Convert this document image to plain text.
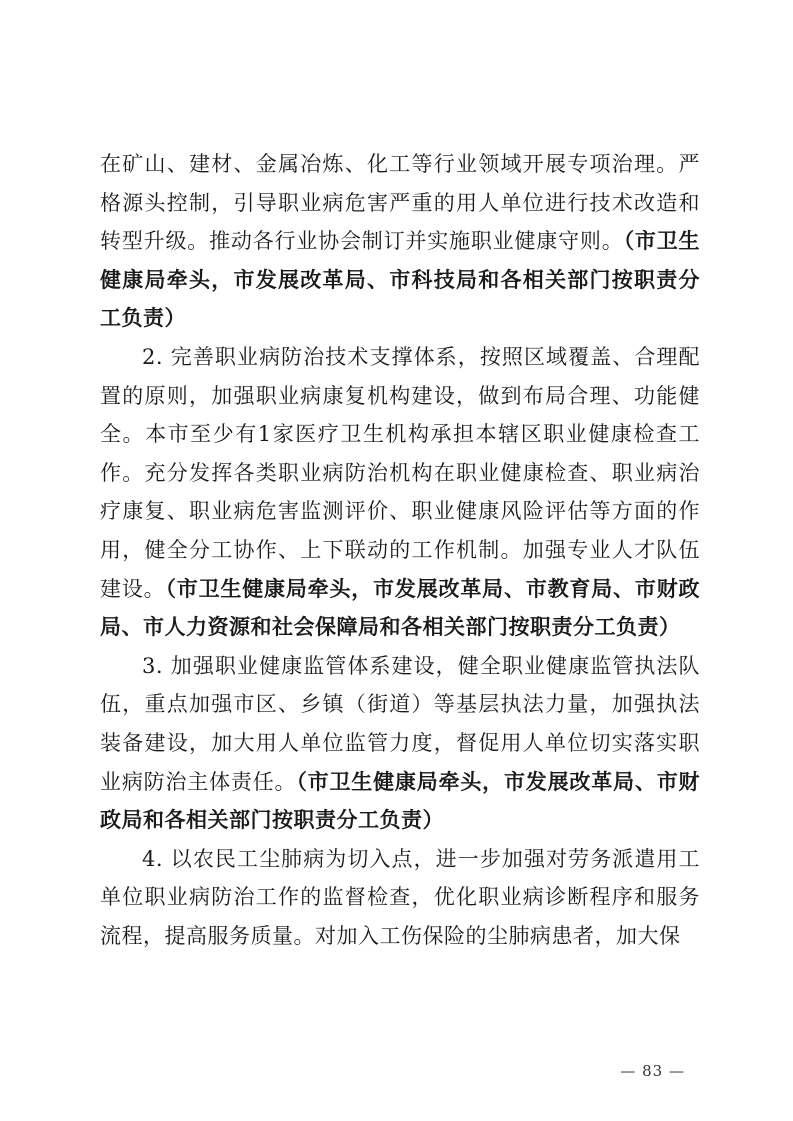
在矿山、建材、金属冶炼、化工等行业领域开展专项治理。严格源头控制，引导职业病危害严重的用人单位进行技术改造和转型升级。推动各行业协会制订并实施职业健康守则。（市卫生健康局牵头，市发展改革局、市科技局和各相关部门按职责分工负责）

2. 完善职业病防治技术支撑体系，按照区域覆盖、合理配置的原则，加强职业病康复机构建设，做到布局合理、功能健全。本市至少有1家医疗卫生机构承担本辖区职业健康检查工作。充分发挥各类职业病防治机构在职业健康检查、职业病治疗康复、职业病危害监测评价、职业健康风险评估等方面的作用，健全分工协作、上下联动的工作机制。加强专业人才队伍建设。（市卫生健康局牵头，市发展改革局、市教育局、市财政局、市人力资源和社会保障局和各相关部门按职责分工负责）

3. 加强职业健康监管体系建设，健全职业健康监管执法队伍，重点加强市区、乡镇（街道）等基层执法力量，加强执法装备建设，加大用人单位监管力度，督促用人单位切实落实职业病防治主体责任。（市卫生健康局牵头，市发展改革局、市财政局和各相关部门按职责分工负责）

4. 以农民工尘肺病为切入点，进一步加强对劳务派遣用工单位职业病防治工作的监督检查，优化职业病诊断程序和服务流程，提高服务质量。对加入工伤保险的尘肺病患者，加大保

— 83 —
